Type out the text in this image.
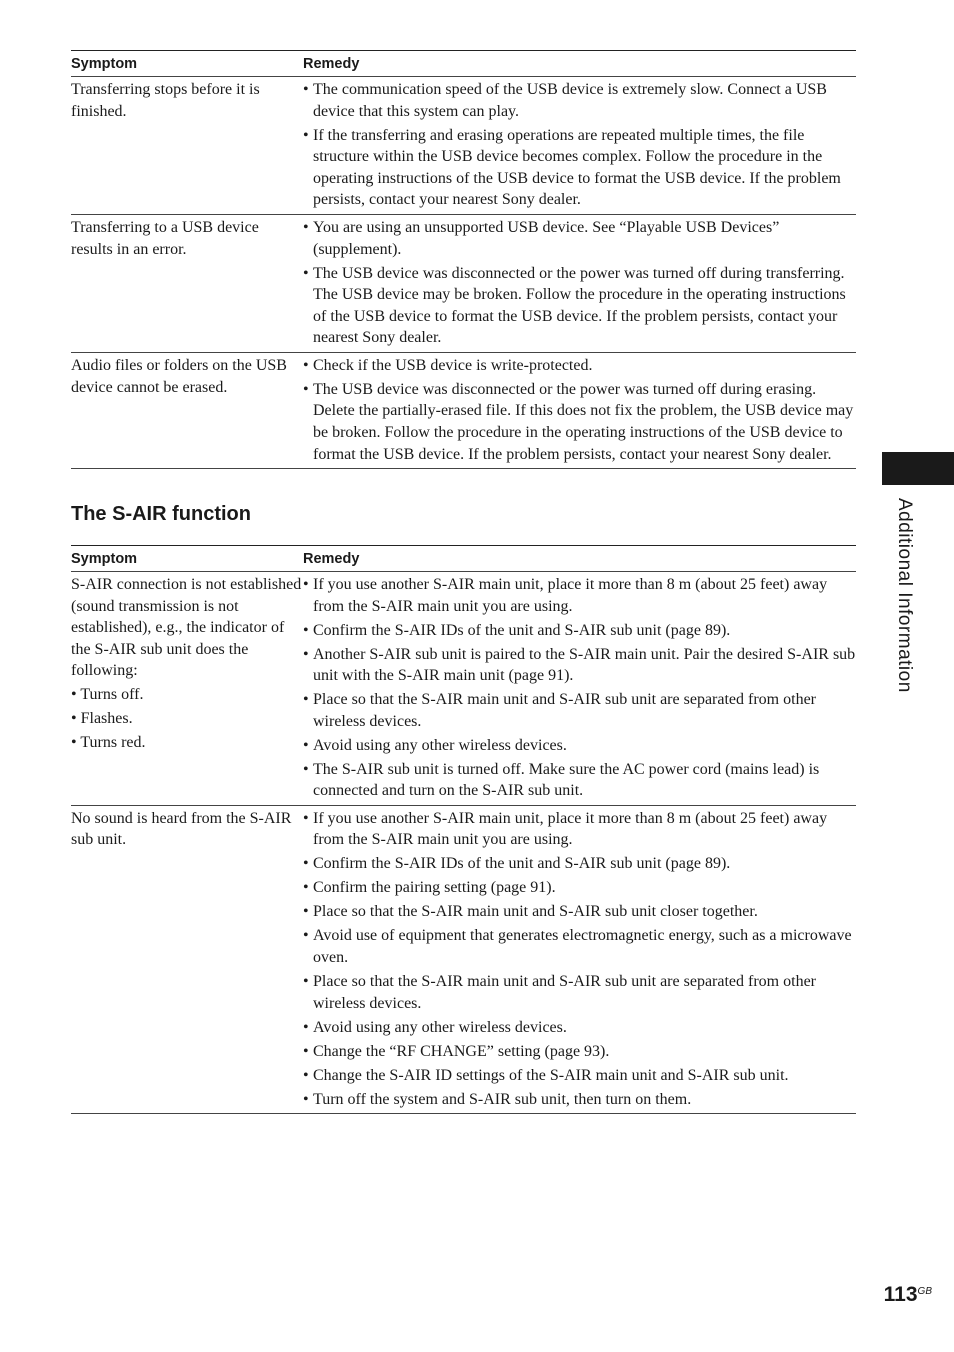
Symptom	Remedy

Transferring stops before it is finished.

• The communication speed of the USB device is extremely slow. Connect a USB device that this system can play.
• If the transferring and erasing operations are repeated multiple times, the file structure within the USB device becomes complex. Follow the procedure in the operating instructions of the USB device to format the USB device. If the problem persists, contact your nearest Sony dealer.

Transferring to a USB device results in an error.

• You are using an unsupported USB device. See “Playable USB Devices” (supplement).
• The USB device was disconnected or the power was turned off during transferring. The USB device may be broken. Follow the procedure in the operating instructions of the USB device to format the USB device. If the problem persists, contact your nearest Sony dealer.

Audio files or folders on the USB device cannot be erased.

• Check if the USB device is write-protected.
• The USB device was disconnected or the power was turned off during erasing. Delete the partially-erased file. If this does not fix the problem, the USB device may be broken. Follow the procedure in the operating instructions of the USB device to format the USB device. If the problem persists, contact your nearest Sony dealer.
The S-AIR function
Symptom	Remedy

S-AIR connection is not established (sound transmission is not established), e.g., the indicator of the S-AIR sub unit does the following:

• Turns off.
• Flashes.
• Turns red.
• If you use another S-AIR main unit, place it more than 8 m (about 25 feet) away from the S-AIR main unit you are using.
• Confirm the S-AIR IDs of the unit and S-AIR sub unit (page 89).
• Another S-AIR sub unit is paired to the S-AIR main unit. Pair the desired S-AIR sub unit with the S-AIR main unit (page 91).
• Place so that the S-AIR main unit and S-AIR sub unit are separated from other wireless devices.
• Avoid using any other wireless devices.
• The S-AIR sub unit is turned off. Make sure the AC power cord (mains lead) is connected and turn on the S-AIR sub unit.

No sound is heard from the S-AIR sub unit.

• If you use another S-AIR main unit, place it more than 8 m (about 25 feet) away from the S-AIR main unit you are using.
• Confirm the S-AIR IDs of the unit and S-AIR sub unit (page 89).
• Confirm the pairing setting (page 91).
• Place so that the S-AIR main unit and S-AIR sub unit closer together.
• Avoid use of equipment that generates electromagnetic energy, such as a microwave oven.
• Place so that the S-AIR main unit and S-AIR sub unit are separated from other wireless devices.
• Avoid using any other wireless devices.
• Change the “RF CHANGE” setting (page 93).
• Change the S-AIR ID settings of the S-AIR main unit and S-AIR sub unit.
• Turn off the system and S-AIR sub unit, then turn on them.
Additional Information
$113^{GB}$
